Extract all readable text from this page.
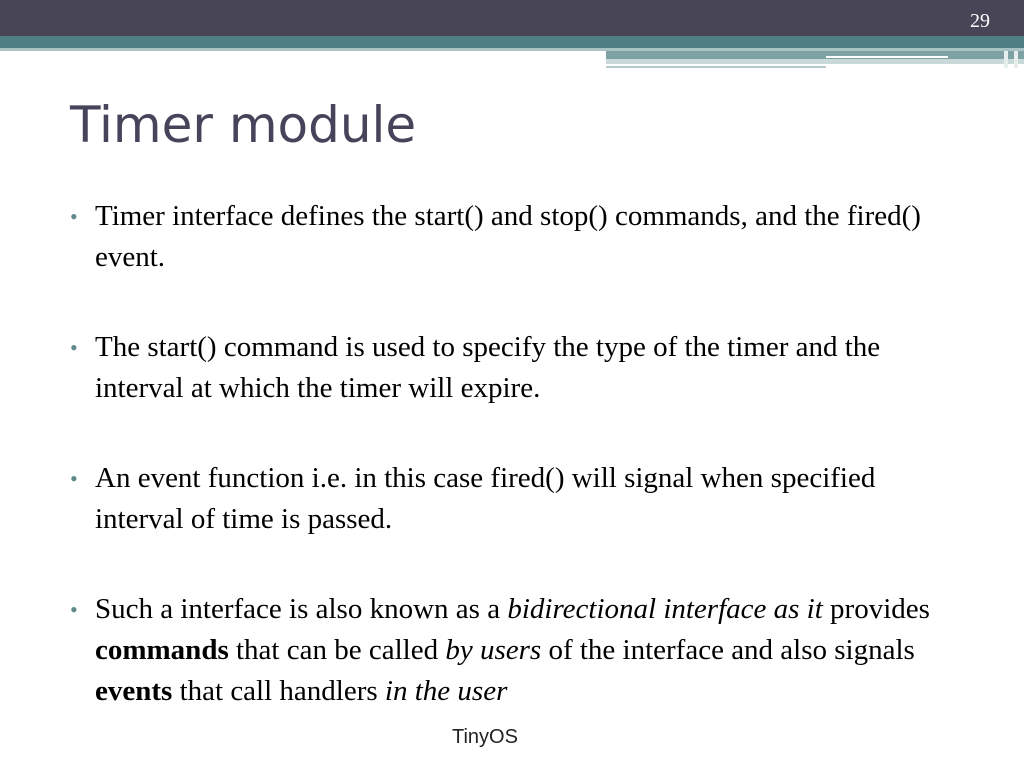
29
Timer module
• Timer interface defines the start() and stop() commands, and the fired() event.
• The start() command is used to specify the type of the timer and the interval at which the timer will expire.
• An event function i.e. in this case fired() will signal when specified interval of time is passed.
• Such a interface is also known as a bidirectional interface as it provides commands that can be called by users of the interface and also signals events that call handlers in the user
TinyOS
